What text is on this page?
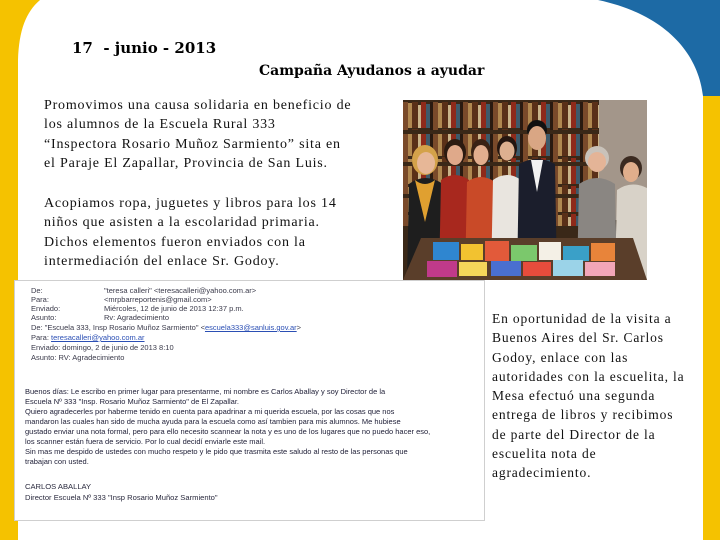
17  - junio - 2013
Campaña Ayudanos a ayudar
Promovimos una causa solidaria en beneficio de
los alumnos de la Escuela Rural 333
“Inspectora Rosario Muñoz Sarmiento” sita en
el Paraje El Zapallar, Provincia de San Luis.
Acopiamos ropa, juguetes y libros para los 14
niños que asisten a la escolaridad primaria.
Dichos elementos fueron enviados con la
intermediación del enlace Sr. Godoy.
De:	"teresa calleri" <teresacalleri@yahoo.com.ar>
Para:	<mrpbarreportenis@gmail.com>
Enviado:	Miércoles, 12 de junio de 2013 12:37 p.m.
Asunto:	Rv: Agradecimiento
De: "Escuela 333, Insp Rosario Muñoz Sarmiento" <escuela333@sanluis.gov.ar>
Para: teresacalleri@yahoo.com.ar
Enviado: domingo, 2 de junio de 2013 8:10
Asunto: RV: Agradecimiento
Buenos días: Le escribo en primer lugar para presentarme, mi nombre es Carlos Aballay y soy Director de la
Escuela Nº 333 "Insp. Rosario Muñoz Sarmiento" de El Zapallar.
Quiero agradecerles por haberme tenido en cuenta para apadrinar a mi querida escuela, por las cosas que nos
mandaron las cuales han sido de mucha ayuda para la escuela como así tambien para mis alumnos. Me hubiese
gustado enviar una nota formal, pero para ello necesito scannear la nota y es uno de los lugares que no puedo hacer eso,
los scanner están fuera de servicio. Por lo cual decidí enviarle este mail.
Sin mas me despido de ustedes con mucho respeto y le pido que trasmita este saludo al resto de las personas que
trabajan con usted.
CARLOS ABALLAY
Director Escuela Nº 333 "Insp Rosario Muñoz Sarmiento"
En oportunidad de la visita a
Buenos Aires del Sr. Carlos
Godoy, enlace con las
autoridades con la escuelita, la
Mesa efectuó una segunda
entrega de libros y recibimos
de parte del Director de la
escuelita nota de
agradecimiento.
